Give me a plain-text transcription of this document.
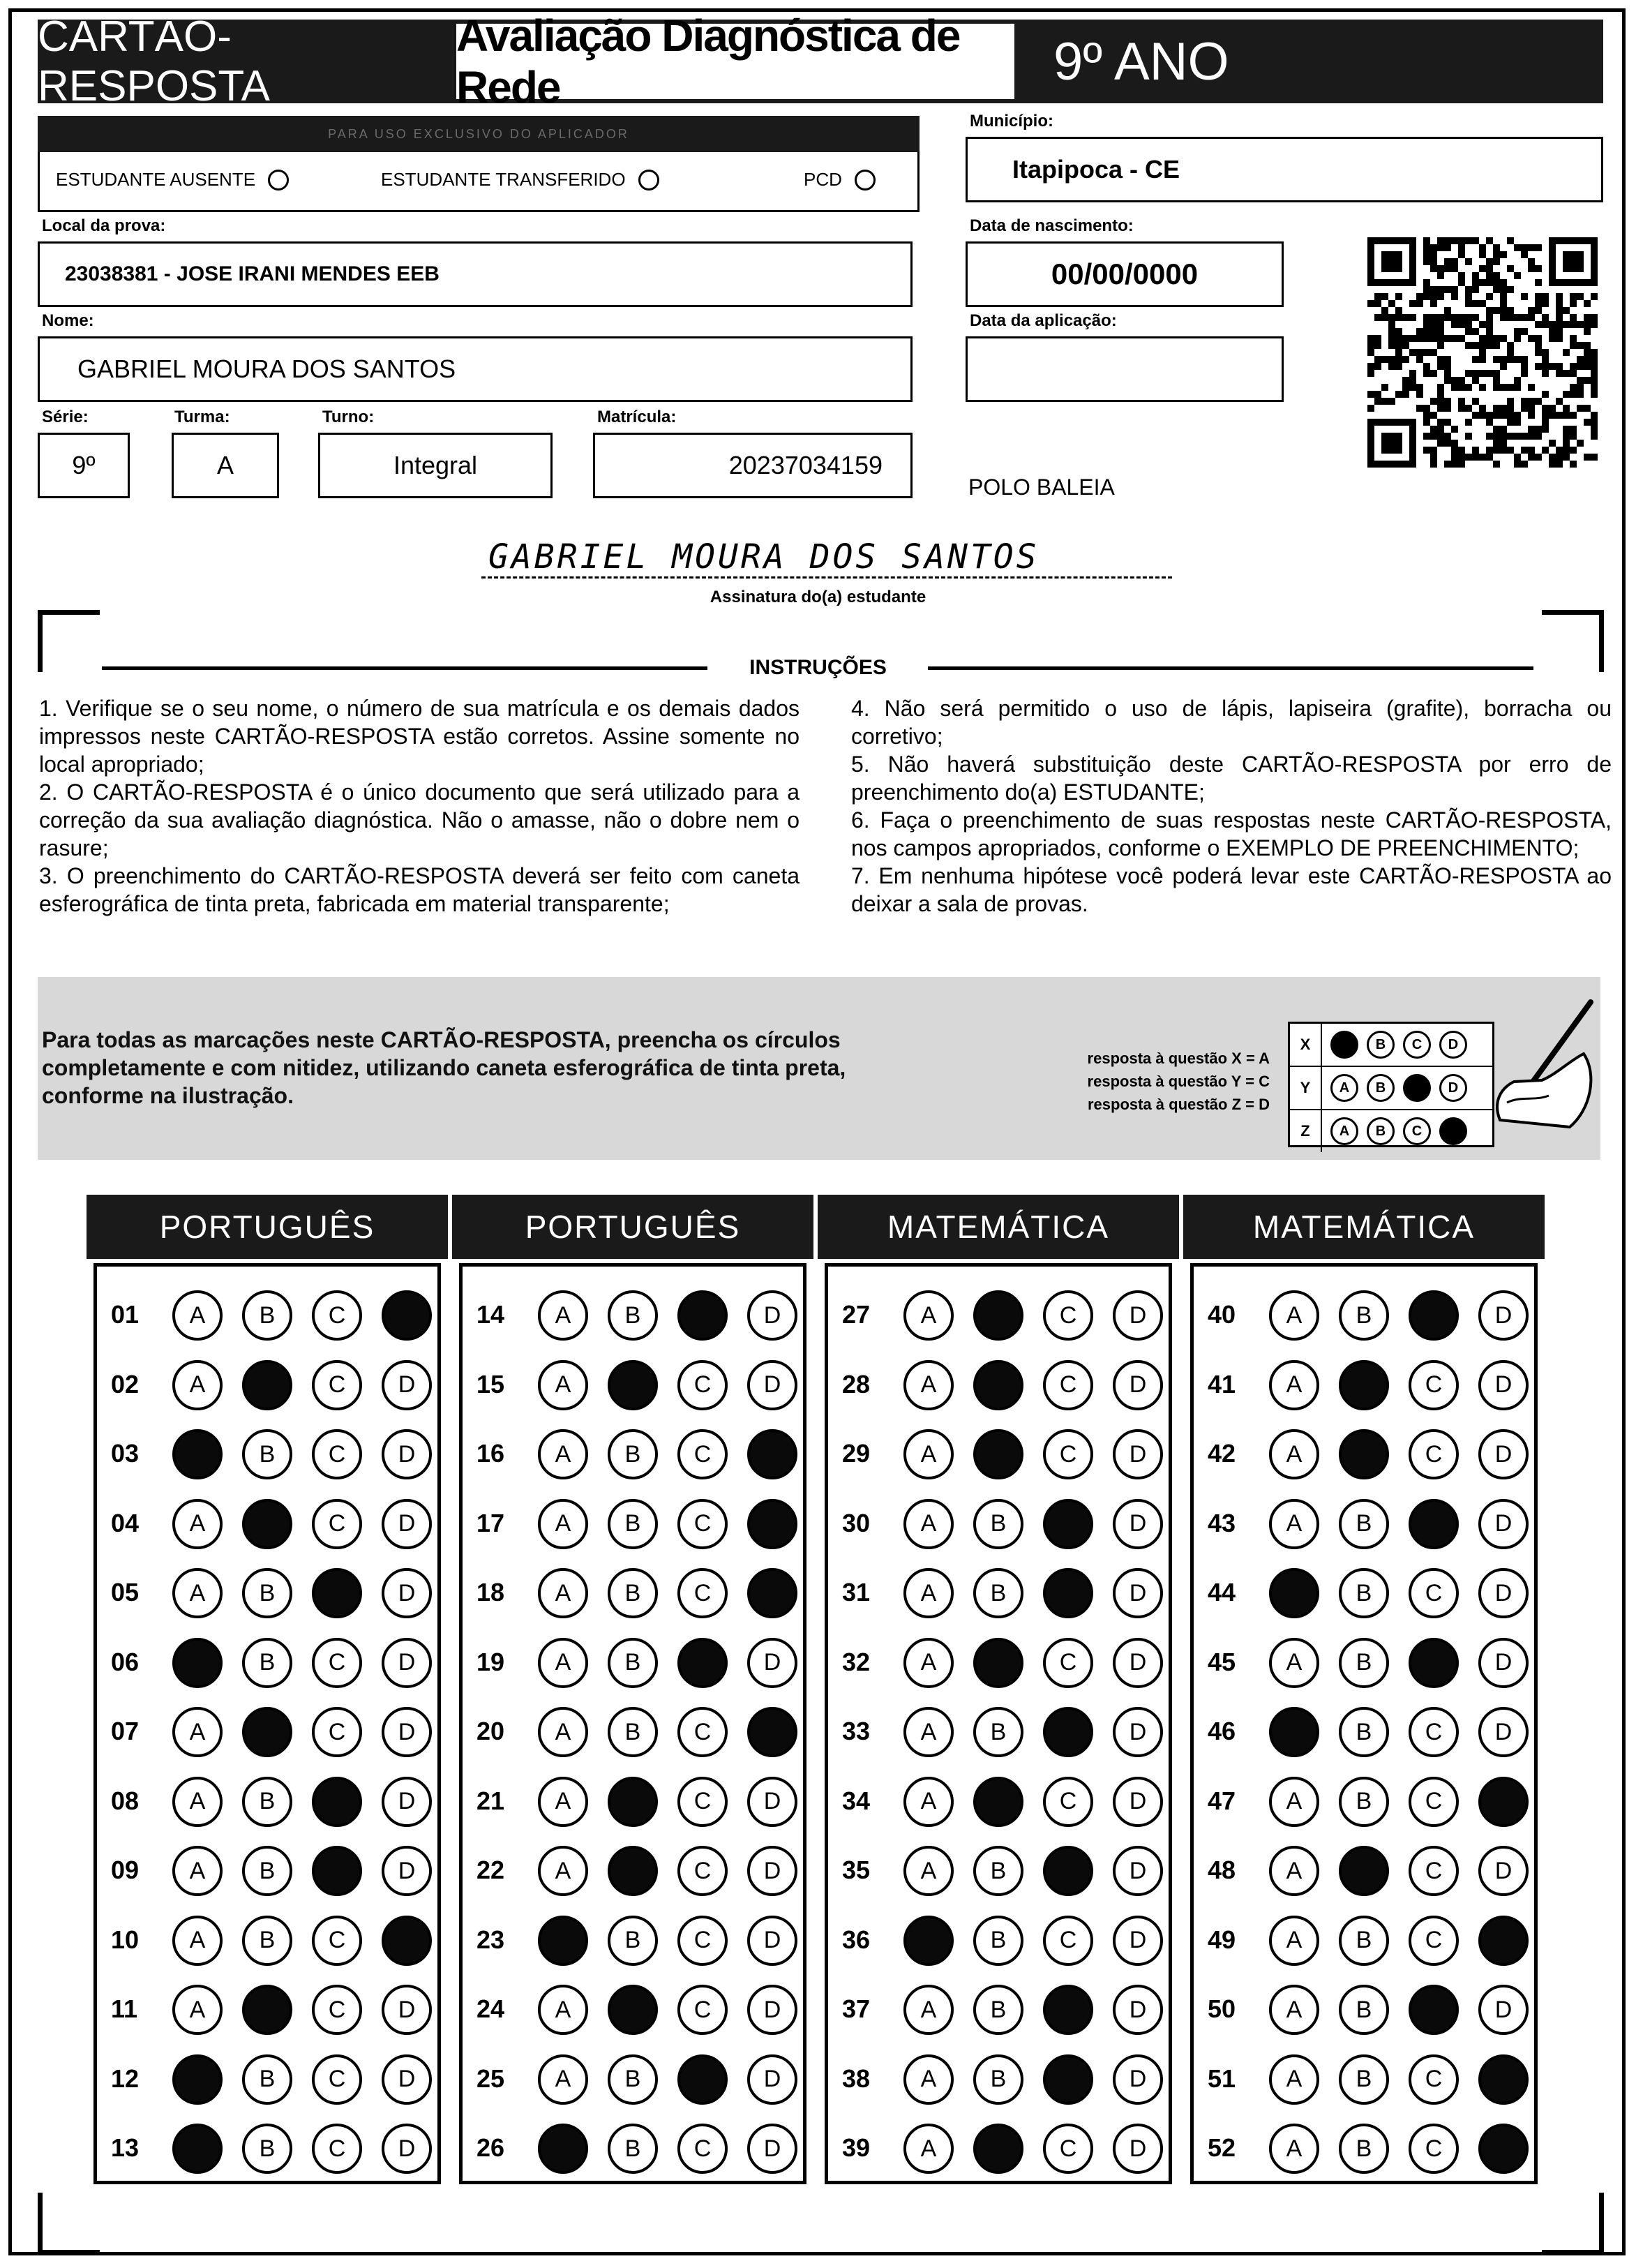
CARTÃO-RESPOSTA
Avaliação Diagnóstica de Rede	9º ANO
PARA USO EXCLUSIVO DO APLICADOR
ESTUDANTE AUSENTE	ESTUDANTE TRANSFERIDO	PCD
Município:
Itapipoca - CE
Local da prova:
23038381 - JOSE IRANI MENDES EEB
Data de nascimento:
00/00/0000
Nome:
GABRIEL MOURA DOS SANTOS
Data da aplicação:
Série:
9º
Turma:
A
Turno:
Integral
Matrícula:
20237034159
POLO BALEIA
GABRIEL MOURA DOS SANTOS
Assinatura do(a) estudante
INSTRUÇÕES

1. Verifique se o seu nome, o número de sua matrícula e os demais dados impressos neste CARTÃO-RESPOSTA estão corretos. Assine somente no local apropriado;

2. O CARTÃO-RESPOSTA é o único documento que será utilizado para a correção da sua avaliação diagnóstica. Não o amasse, não o dobre nem o rasure;

3. O preenchimento do CARTÃO-RESPOSTA deverá ser feito com caneta esferográfica de tinta preta, fabricada em material transparente;

4. Não será permitido o uso de lápis, lapiseira (grafite), borracha ou corretivo;

5. Não haverá substituição deste CARTÃO-RESPOSTA por erro de preenchimento do(a) ESTUDANTE;

6. Faça o preenchimento de suas respostas neste CARTÃO-RESPOSTA, nos campos apropriados, conforme o EXEMPLO DE PREENCHIMENTO;

7. Em nenhuma hipótese você poderá levar este CARTÃO-RESPOSTA ao deixar a sala de provas.

Para todas as marcações neste CARTÃO-RESPOSTA, preencha os círculos completamente e com nitidez, utilizando caneta esferográfica de tinta preta, conforme na ilustração.
resposta à questão X = A
resposta à questão Y = C
resposta à questão Z = D
X	A	B	C	D
Y	A	B	C	D
Z	A	B	C	D
PORTUGUÊS
01	A	B	C	D
02	A	B	C	D
03	A	B	C	D
04	A	B	C	D
05	A	B	C	D
06	A	B	C	D
07	A	B	C	D
08	A	B	C	D
09	A	B	C	D
10	A	B	C	D
11	A	B	C	D
12	A	B	C	D
13	A	B	C	D
PORTUGUÊS
14	A	B	C	D
15	A	B	C	D
16	A	B	C	D
17	A	B	C	D
18	A	B	C	D
19	A	B	C	D
20	A	B	C	D
21	A	B	C	D
22	A	B	C	D
23	A	B	C	D
24	A	B	C	D
25	A	B	C	D
26	A	B	C	D
MATEMÁTICA
27	A	B	C	D
28	A	B	C	D
29	A	B	C	D
30	A	B	C	D
31	A	B	C	D
32	A	B	C	D
33	A	B	C	D
34	A	B	C	D
35	A	B	C	D
36	A	B	C	D
37	A	B	C	D
38	A	B	C	D
39	A	B	C	D
MATEMÁTICA
40	A	B	C	D
41	A	B	C	D
42	A	B	C	D
43	A	B	C	D
44	A	B	C	D
45	A	B	C	D
46	A	B	C	D
47	A	B	C	D
48	A	B	C	D
49	A	B	C	D
50	A	B	C	D
51	A	B	C	D
52	A	B	C	D
